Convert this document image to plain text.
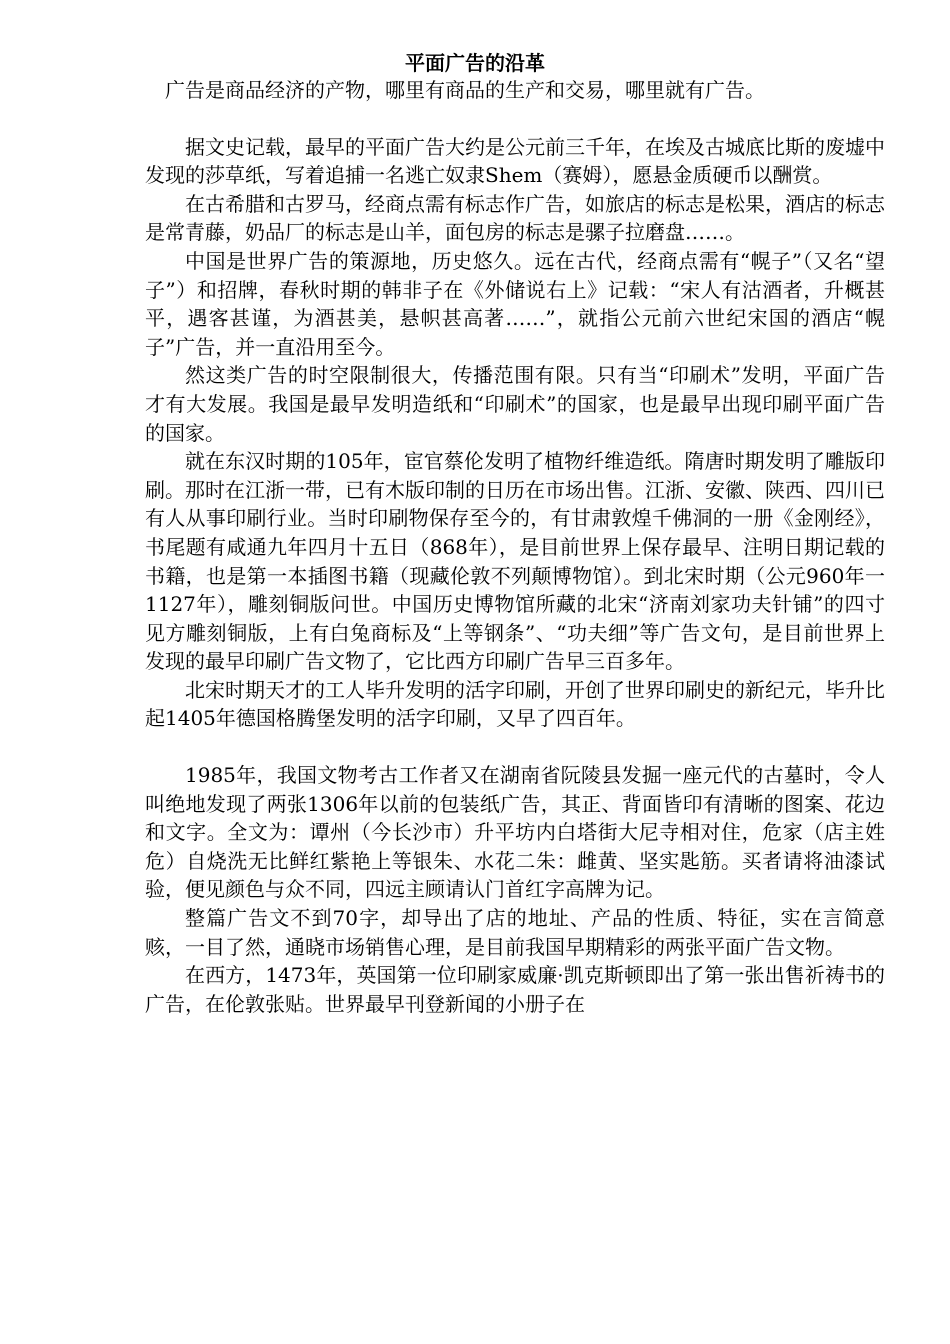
平面广告的沿革

广告是商品经济的产物，哪里有商品的生产和交易，哪里就有广告。

据文史记载，最早的平面广告大约是公元前三千年，在埃及古城底比斯的废墟中发现的莎草纸，写着追捕一名逃亡奴隶Shem（赛姆），愿悬金质硬币以酬赏。

在古希腊和古罗马，经商点需有标志作广告，如旅店的标志是松果，酒店的标志是常青藤，奶品厂的标志是山羊，面包房的标志是骡子拉磨盘……。

中国是世界广告的策源地，历史悠久。远在古代，经商点需有“幌子”（又名“望子”）和招牌，春秋时期的韩非子在《外储说右上》记载：“宋人有沽酒者，升概甚平，遇客甚谨，为酒甚美，悬帜甚高著……”，就指公元前六世纪宋国的酒店“幌子”广告，并一直沿用至今。

然这类广告的时空限制很大，传播范围有限。只有当“印刷术”发明，平面广告才有大发展。我国是最早发明造纸和“印刷术”的国家，也是最早出现印刷平面广告的国家。

就在东汉时期的105年，宦官蔡伦发明了植物纤维造纸。隋唐时期发明了雕版印刷。那时在江浙一带，已有木版印制的日历在市场出售。江浙、安徽、陕西、四川已有人从事印刷行业。当时印刷物保存至今的，有甘肃敦煌千佛洞的一册《金刚经》，书尾题有咸通九年四月十五日（868年），是目前世界上保存最早、注明日期记载的书籍，也是第一本插图书籍（现藏伦敦不列颠博物馆）。到北宋时期（公元960年一1127年），雕刻铜版问世。中国历史博物馆所藏的北宋“济南刘家功夫针铺”的四寸见方雕刻铜版，上有白兔商标及“上等钢条”、“功夫细”等广告文句，是目前世界上发现的最早印刷广告文物了，它比西方印刷广告早三百多年。

北宋时期天才的工人毕升发明的活字印刷，开创了世界印刷史的新纪元，毕升比起1405年德国格腾堡发明的活字印刷，又早了四百年。

1985年，我国文物考古工作者又在湖南省阮陵县发掘一座元代的古墓时，令人叫绝地发现了两张1306年以前的包装纸广告，其正、背面皆印有清晰的图案、花边和文字。全文为：谭州（今长沙市）升平坊内白塔街大尼寺相对住，危家（店主姓危）自烧洗无比鲜红紫艳上等银朱、水花二朱：雌黄、坚实匙筋。买者请将油漆试验，便见颜色与众不同，四远主顾请认门首红字高牌为记。

整篇广告文不到70字，却导出了店的地址、产品的性质、特征，实在言简意赅，一目了然，通晓市场销售心理，是目前我国早期精彩的两张平面广告文物。

在西方，1473年，英国第一位印刷家威廉·凯克斯顿即出了第一张出售祈祷书的广告，在伦敦张贴。世界最早刊登新闻的小册子在
